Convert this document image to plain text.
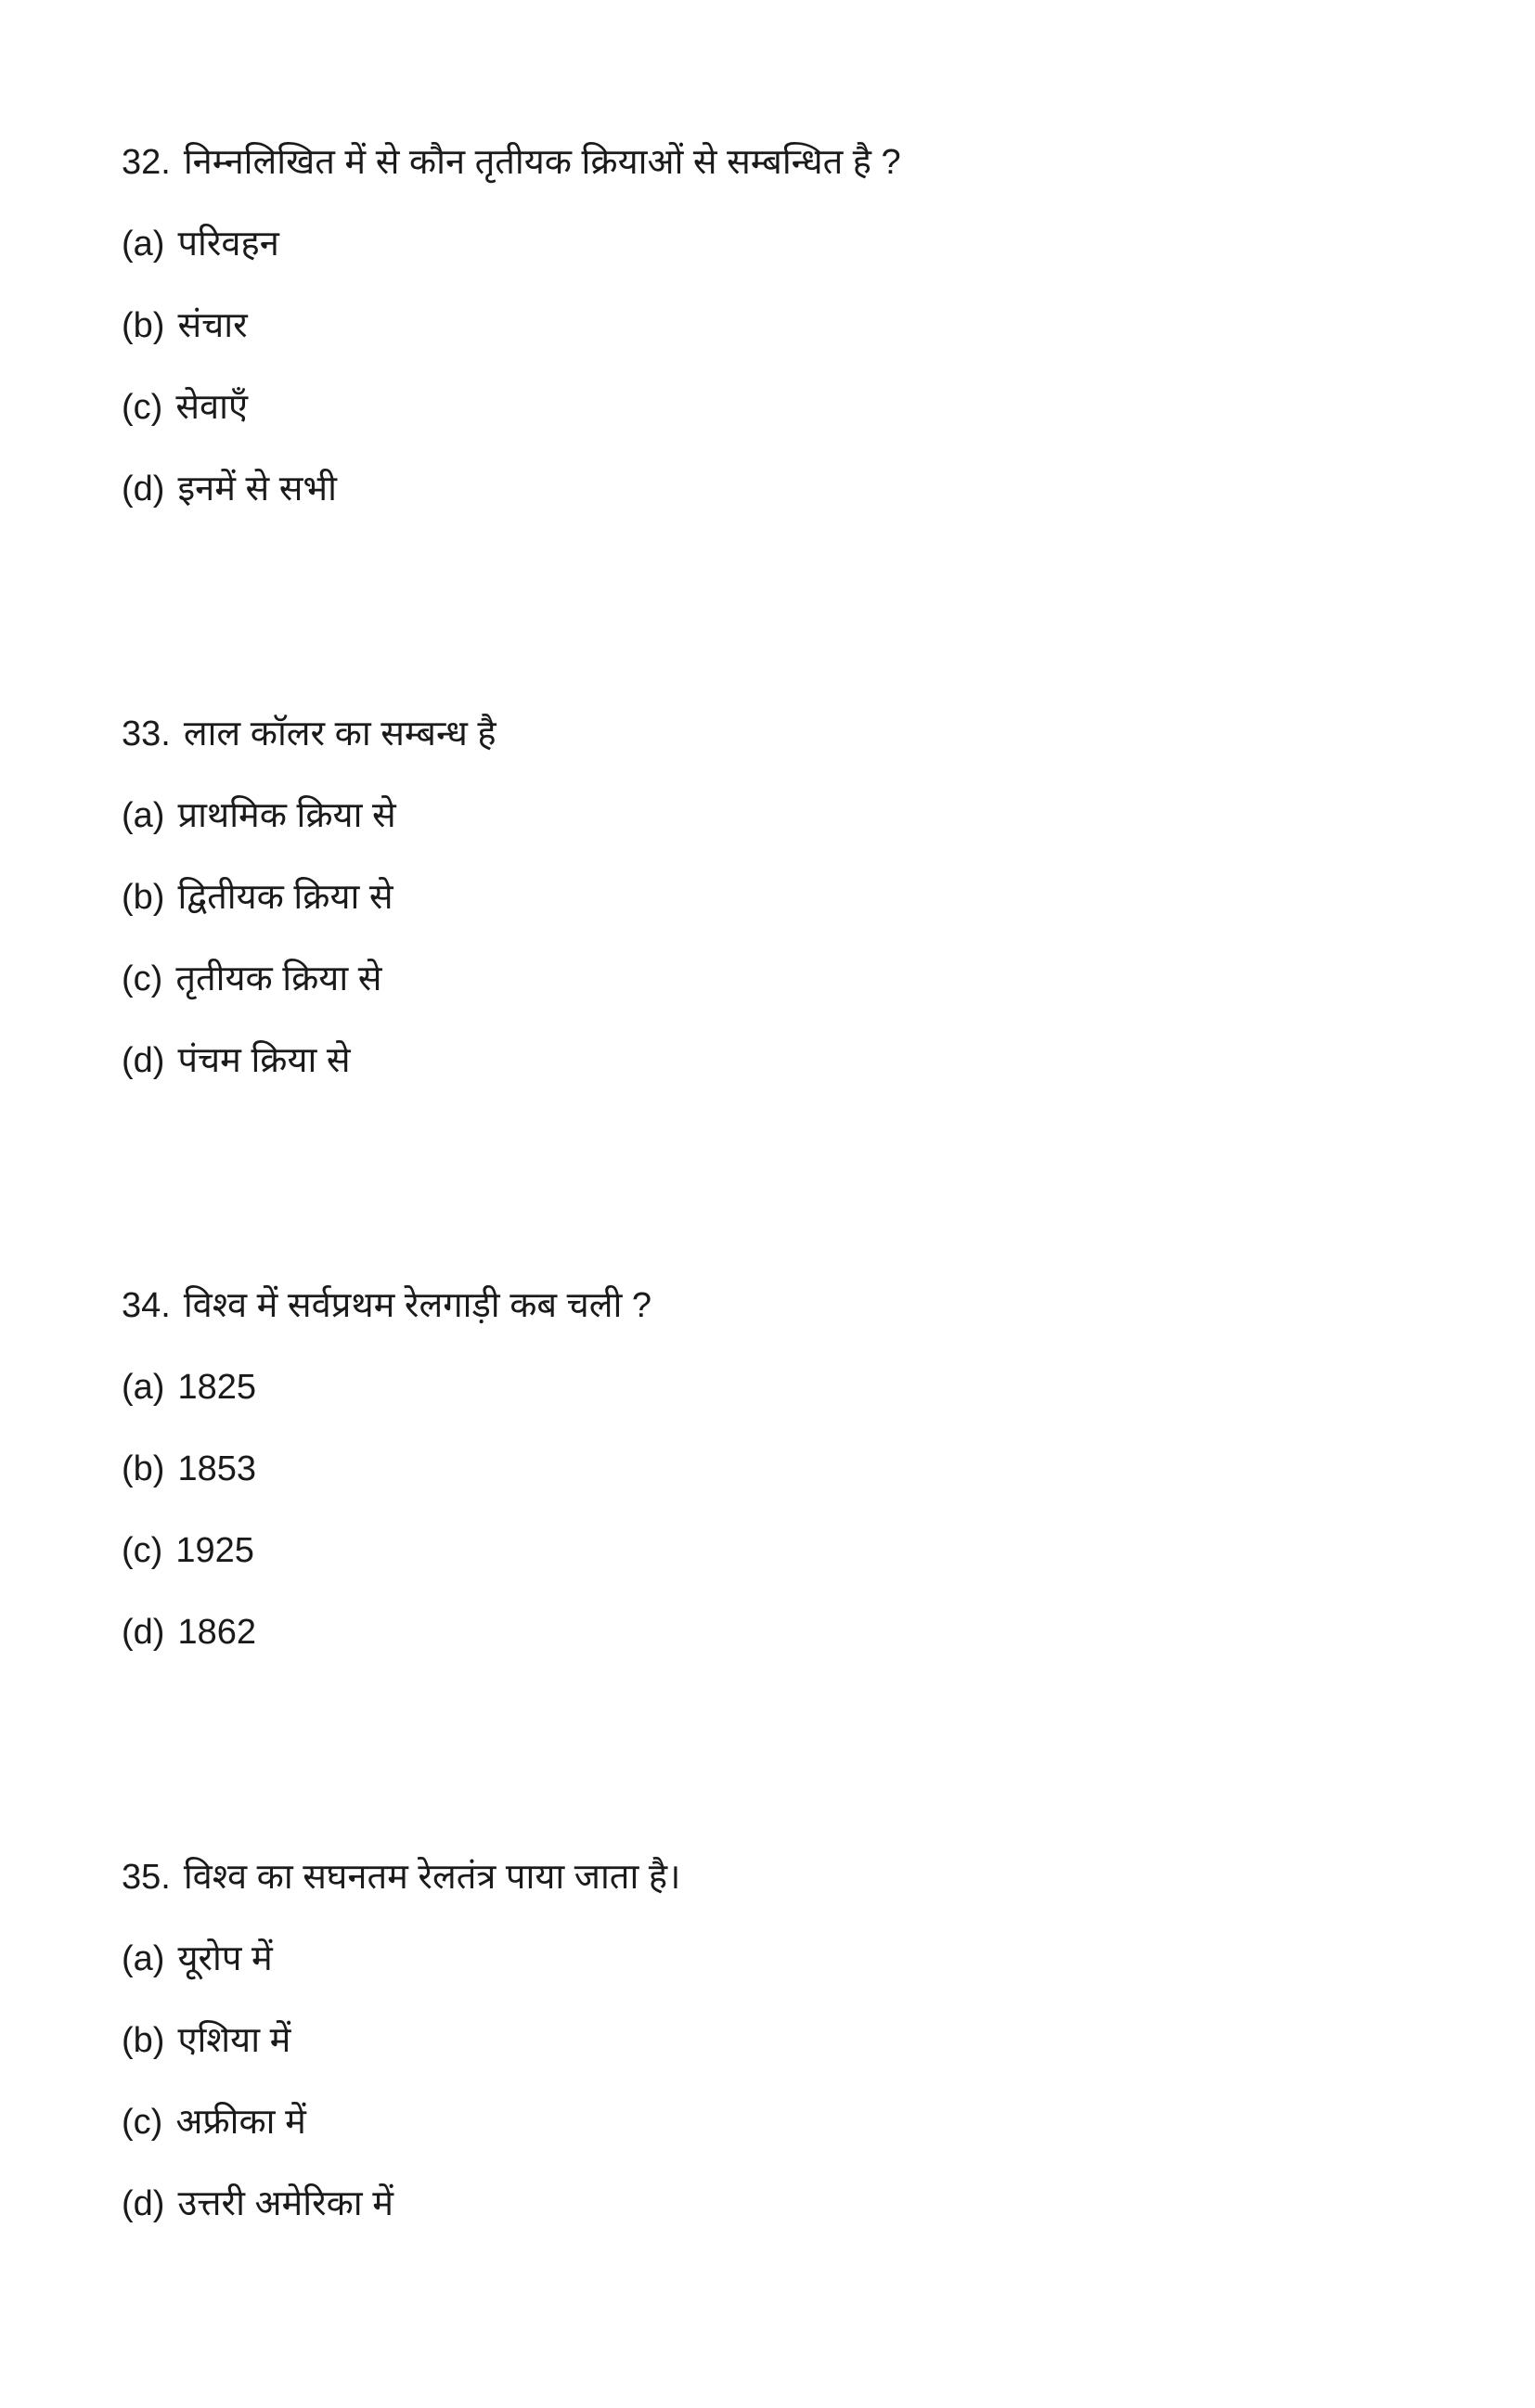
32. निम्नलिखित में से कौन तृतीयक क्रियाओं से सम्बन्धित है ?
(a) परिवहन
(b) संचार
(c) सेवाएँ
(d) इनमें से सभी
33. लाल कॉलर का सम्बन्ध है
(a) प्राथमिक क्रिया से
(b) द्वितीयक क्रिया से
(c) तृतीयक क्रिया से
(d) पंचम क्रिया से
34. विश्व में सर्वप्रथम रेलगाड़ी कब चली ?
(a) 1825
(b) 1853
(c) 1925
(d) 1862
35. विश्व का सघनतम रेलतंत्र पाया जाता है।
(a) यूरोप में
(b) एशिया में
(c) अफ्रीका में
(d) उत्तरी अमेरिका में
